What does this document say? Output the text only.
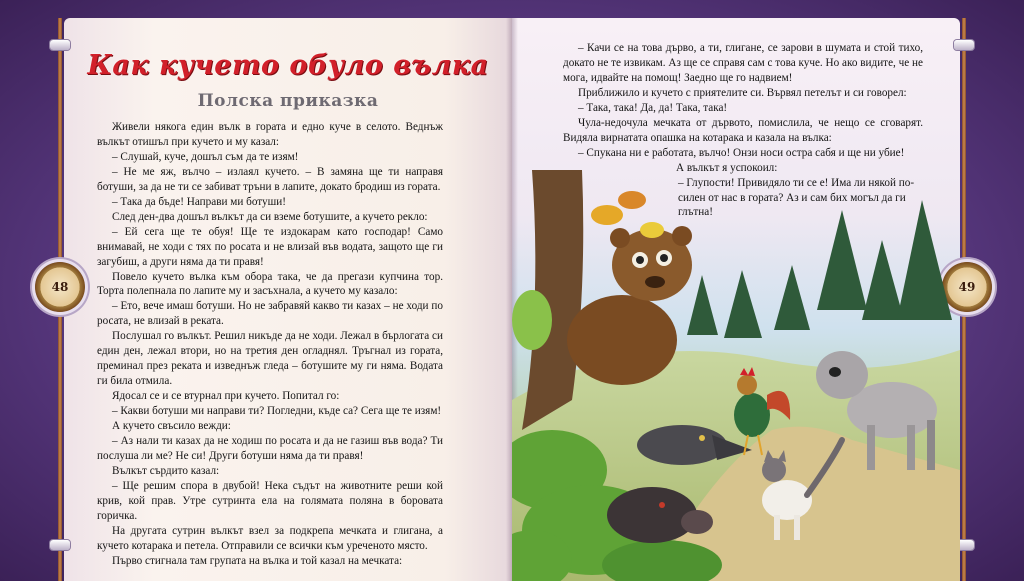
48	49
Как кучето обуло вълка
Полска приказка

Живели някога един вълк в гората и едно куче в селото. Веднъж вълкът отишъл при кучето и му казал:

– Слушай, куче, дошъл съм да те изям!

– Не ме яж, вълчо – излаял кучето. – В замяна ще ти направя ботуши, за да не ти се забиват тръни в лапите, докато бродиш из гората.

– Така да бъде! Направи ми ботуши!

След ден-два дошъл вълкът да си вземе ботушите, а кучето рекло:

– Ей сега ще те обуя! Ще те издокарам като господар! Само внимавай, не ходи с тях по росата и не влизай във водата, защото ще ги загубиш, а други няма да ти правя!

Повело кучето вълка към обора така, че да прегази купчина тор. Торта полепнала по лапите му и засъхнала, а кучето му казало:

– Ето, вече имаш ботуши. Но не забравяй какво ти казах – не ходи по росата, не влизай в реката.

Послушал го вълкът. Решил никъде да не ходи. Лежал в бърлогата си един ден, лежал втори, но на третия ден огладнял. Тръгнал из гората, преминал през реката и изведнъж гледа – ботушите му ги няма. Водата ги била отмила.

Ядосал се и се втурнал при кучето. Попитал го:

– Какви ботуши ми направи ти? Погледни, къде са? Сега ще те изям!

А кучето свъсило вежди:

– Аз нали ти казах да не ходиш по росата и да не газиш във вода? Ти послуша ли ме? Не си! Други ботуши няма да ти правя!

Вълкът сърдито казал:

– Ще решим спора в двубой! Нека съдът на животните реши кой крив, кой прав. Утре сутринта ела на голямата поляна в боровата горичка.

На другата сутрин вълкът взел за подкрепа мечката и глигана, а кучето котарака и петела. Отправили се всички към уреченото място.

Първо стигнала там групата на вълка и той казал на мечката:

– Качи се на това дърво, а ти, глигане, се зарови в шумата и стой тихо, докато не те извикам. Аз ще се справя сам с това куче. Но ако видите, че не мога, идвайте на помощ! Заедно ще го надвием!

Приближило и кучето с приятелите си. Вървял петелът и си говорел:

– Така, така! Да, да! Така, така!

Чула-недочула мечката от дървото, помислила, че нещо се сговарят. Видяла вирнатата опашка на котарака и казала на вълка:

– Спукана ни е работата, вълчо! Онзи носи остра сабя и ще ни убие!

А вълкът я успокоил:

– Глупости! Привидяло ти се е! Има ли някой по-силен от нас в гората? Аз и сам бих могъл да ги глътна!
